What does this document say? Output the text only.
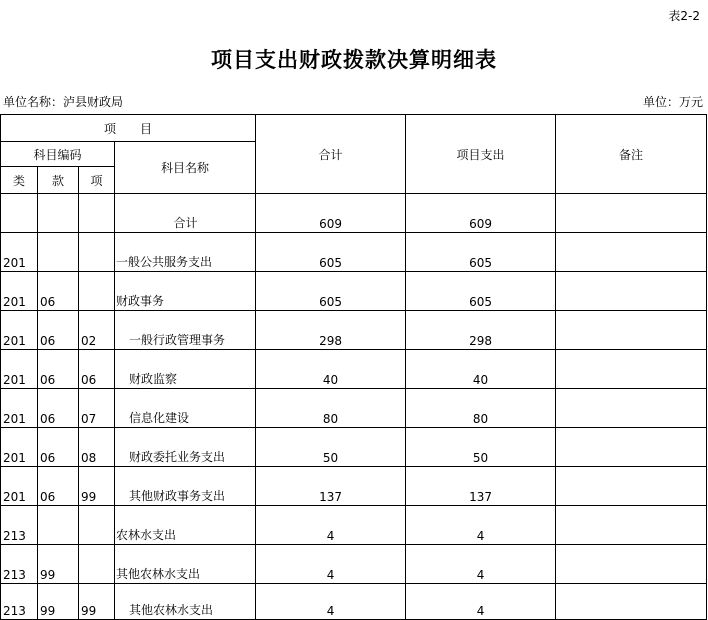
表2-2
项目支出财政拨款决算明细表
单位名称：泸县财政局	单位：万元
项　　目				合计	项目支出	备注
科目编码			科目名称			
类	款	项				
			合计	609	609	
201			一般公共服务支出	605	605	
201	06		财政事务	605	605	
201	06	02	一般行政管理事务	298	298	
201	06	06	财政监察	40	40	
201	06	07	信息化建设	80	80	
201	06	08	财政委托业务支出	50	50	
201	06	99	其他财政事务支出	137	137	
213			农林水支出	4	4	
213	99		其他农林水支出	4	4	
213	99	99	其他农林水支出	4	4	
